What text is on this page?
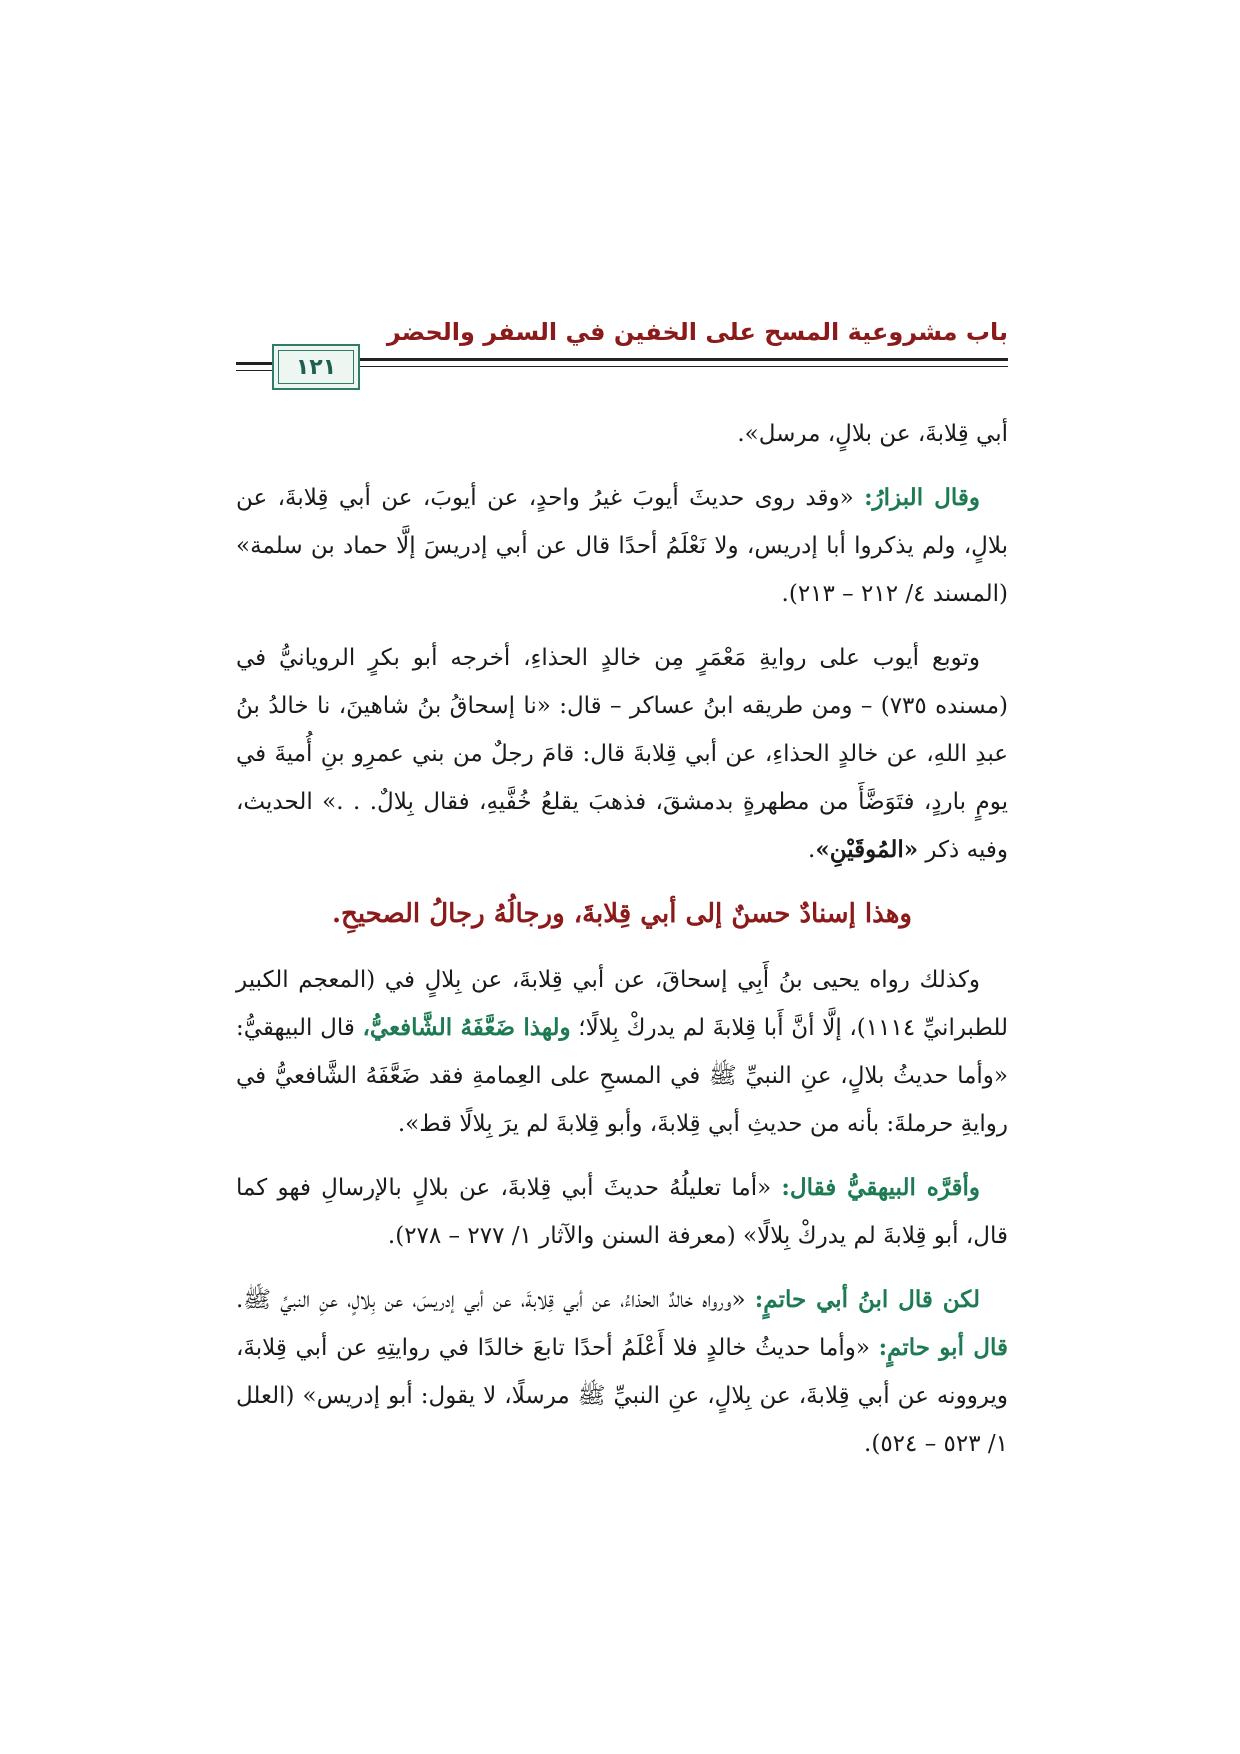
باب مشروعية المسح على الخفين في السفر والحضر
١٢١

أبي قِلابةَ، عن بلالٍ، مرسل».

وقال البزارُ: «وقد روى حديثَ أيوبَ غيرُ واحدٍ، عن أيوبَ، عن أبي قِلابةَ، عن بلالٍ، ولم يذكروا أبا إدريس، ولا نَعْلَمُ أحدًا قال عن أبي إدريسَ إلَّا حماد بن سلمة» (المسند ٤/ ٢١٢ – ٢١٣).

وتوبع أيوب على روايةِ مَعْمَرٍ مِن خالدٍ الحذاءِ، أخرجه أبو بكرٍ الرويانيُّ في (مسنده ٧٣٥) – ومن طريقه ابنُ عساكر – قال: «نا إسحاقُ بنُ شاهينَ، نا خالدُ بنُ عبدِ اللهِ، عن خالدٍ الحذاءِ، عن أبي قِلابةَ قال: قامَ رجلٌ من بني عمرِو بنِ أُميةَ في يومٍ باردٍ، فتَوَضَّأَ من مطهرةٍ بدمشقَ، فذهبَ يقلعُ خُفَّيهِ، فقال بِلالٌ. . .» الحديث، وفيه ذكر «المُوقَيْنِ».

وهذا إسنادٌ حسنٌ إلى أبي قِلابةَ، ورجالُهُ رجالُ الصحيحِ.

وكذلك رواه يحيى بنُ أَبِي إسحاقَ، عن أبي قِلابةَ، عن بِلالٍ في (المعجم الكبير للطبرانيِّ ١١١٤)، إلَّا أنَّ أَبا قِلابةَ لم يدركْ بِلالًا؛ ولهذا ضَعَّفَهُ الشَّافعيُّ، قال البيهقيُّ: «وأما حديثُ بلالٍ، عنِ النبيِّ ﷺ في المسحِ على العِمامةِ فقد ضَعَّفَهُ الشَّافعيُّ في روايةِ حرملةَ: بأنه من حديثِ أبي قِلابةَ، وأبو قِلابةَ لم يرَ بِلالًا قط».

وأقرَّه البيهقيُّ فقال: «أما تعليلُهُ حديثَ أبي قِلابةَ، عن بلالٍ بالإرسالِ فهو كما قال، أبو قِلابةَ لم يدركْ بِلالًا» (معرفة السنن والآثار ١/ ٢٧٧ – ٢٧٨).

لكن قال ابنُ أبي حاتمٍ: «ورواه خالدٌ الحذاءُ، عن أبي قِلابةَ، عن أبي إدريسَ، عن بِلالٍ، عنِ النبيِّ ﷺ. قال أبو حاتمٍ: «وأما حديثُ خالدٍ فلا أَعْلَمُ أحدًا تابعَ خالدًا في روايتِهِ عن أبي قِلابةَ، ويروونه عن أبي قِلابةَ، عن بِلالٍ، عنِ النبيِّ ﷺ مرسلًا، لا يقول: أبو إدريس» (العلل ١/ ٥٢٣ – ٥٢٤).
